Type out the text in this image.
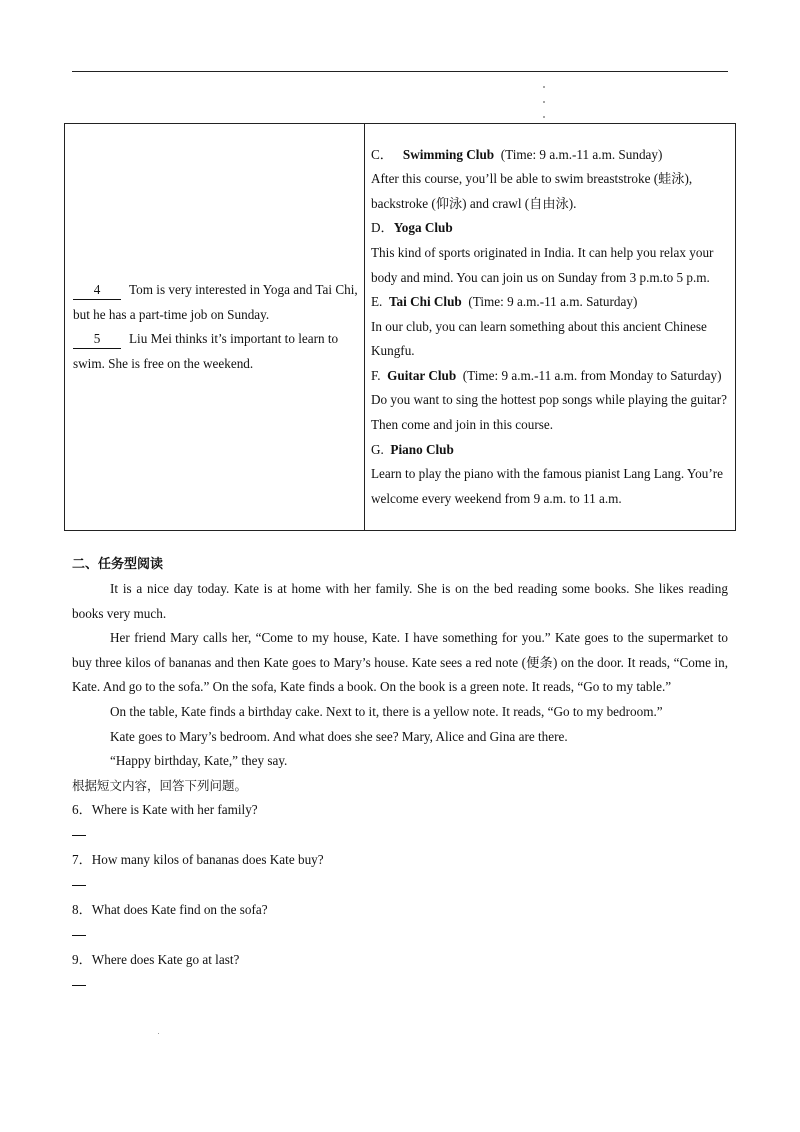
4 Tom is very interested in Yoga and Tai Chi, but he has a part-time job on Sunday.
5 Liu Mei thinks it’s important to learn to swim. She is free on the weekend.

C． Swimming Club (Time: 9 a.m.-11 a.m. Sunday)
After this course, you’ll be able to swim breaststroke (蛙泳), backstroke (仰泳) and crawl (自由泳).
D．Yoga Club
This kind of sports originated in India. It can help you relax your body and mind. You can join us on Sunday from 3 p.m.to 5 p.m.
E. Tai Chi Club (Time: 9 a.m.-11 a.m. Saturday)
In our club, you can learn something about this ancient Chinese Kungfu.
F. Guitar Club (Time: 9 a.m.-11 a.m. from Monday to Saturday)
Do you want to sing the hottest pop songs while playing the guitar? Then come and join in this course.
G. Piano Club
Learn to play the piano with the famous pianist Lang Lang. You’re welcome every weekend from 9 a.m. to 11 a.m.

二、任务型阅读

It is a nice day today. Kate is at home with her family. She is on the bed reading some books. She likes reading books very much.

Her friend Mary calls her, “Come to my house, Kate. I have something for you.” Kate goes to the supermarket to buy three kilos of bananas and then Kate goes to Mary’s house. Kate sees a red note (便条) on the door. It reads, “Come in, Kate. And go to the sofa.” On the sofa, Kate finds a book. On the book is a green note. It reads, “Go to my table.”

On the table, Kate finds a birthday cake. Next to it, there is a yellow note. It reads, “Go to my bedroom.”

Kate goes to Mary’s bedroom. And what does she see? Mary, Alice and Gina are there.

“Happy birthday, Kate,” they say.

根据短文内容，回答下列问题。

6．Where is Kate with her family?

7．How many kilos of bananas does Kate buy?

8．What does Kate find on the sofa?

9．Where does Kate go at last?
